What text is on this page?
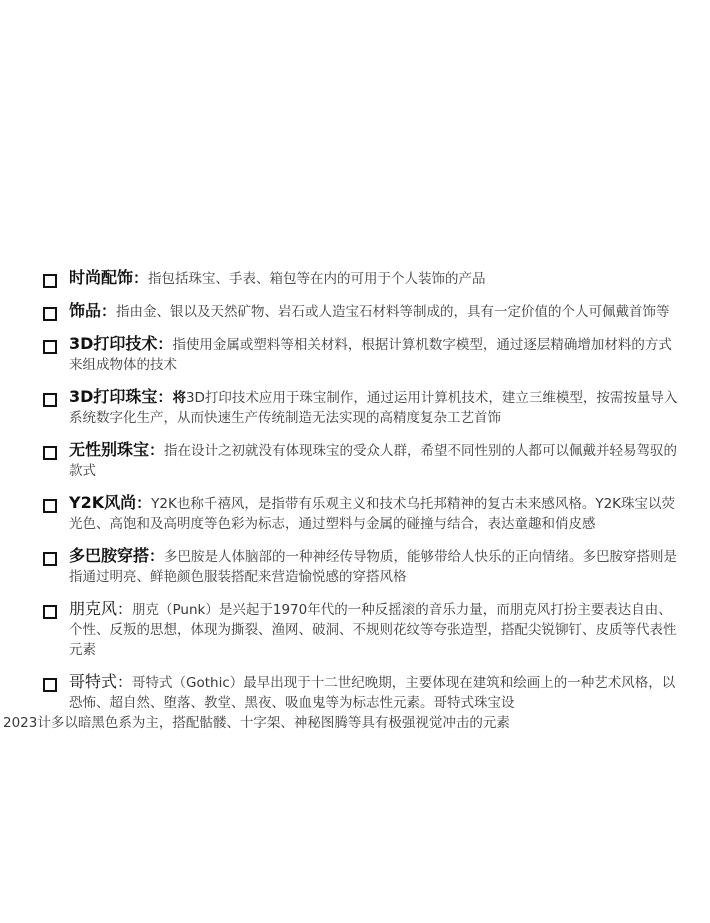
时尚配饰：指包括珠宝、手表、箱包等在内的可用于个人装饰的产品

饰品：指由金、银以及天然矿物、岩石或人造宝石材料等制成的，具有一定价值的个人可佩戴首饰等

3D打印技术：指使用金属或塑料等相关材料，根据计算机数字模型，通过逐层精确增加材料的方式来组成物体的技术

3D打印珠宝：将3D打印技术应用于珠宝制作，通过运用计算机技术，建立三维模型，按需按量导入系统数字化生产，从而快速生产传统制造无法实现的高精度复杂工艺首饰

无性别珠宝：指在设计之初就没有体现珠宝的受众人群，希望不同性别的人都可以佩戴并轻易驾驭的款式

Y2K风尚：Y2K也称千禧风，是指带有乐观主义和技术乌托邦精神的复古未来感风格。Y2K珠宝以荧光色、高饱和及高明度等色彩为标志，通过塑料与金属的碰撞与结合，表达童趣和俏皮感

多巴胺穿搭：多巴胺是人体脑部的一种神经传导物质，能够带给人快乐的正向情绪。多巴胺穿搭则是指通过明亮、鲜艳颜色服装搭配来营造愉悦感的穿搭风格

朋克风：朋克（Punk）是兴起于1970年代的一种反摇滚的音乐力量，而朋克风打扮主要表达自由、个性、反叛的思想，体现为撕裂、渔网、破洞、不规则花纹等夸张造型，搭配尖锐铆钉、皮质等代表性元素

哥特式：哥特式（Gothic）最早出现于十二世纪晚期，主要体现在建筑和绘画上的一种艺术风格，以恐怖、超自然、堕落、教堂、黑夜、吸血鬼等为标志性元素。哥特式珠宝设

2023计多以暗黑色系为主，搭配骷髅、十字架、神秘图腾等具有极强视觉冲击的元素
